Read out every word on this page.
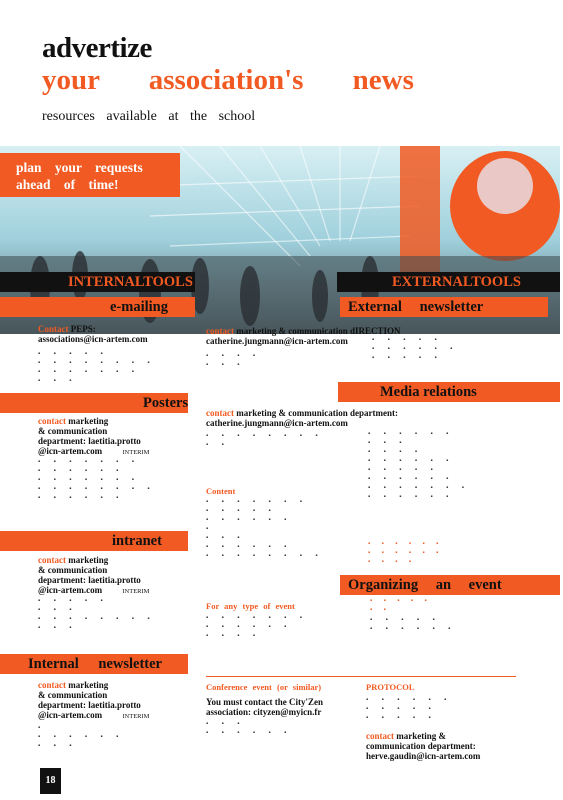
advertize
your association's news
resources available at the school
plan your requests
ahead of time!
INTERNALTOOLS	EXTERNALTOOLS
e-mailing
Contact PEPS:
associations@icn-artem.com
▪ ▪ ▪ ▪ ▪
▪ ▪ ▪ ▪ ▪ ▪ ▪ ▪
▪ ▪ ▪ ▪ ▪ ▪ ▪
▪ ▪ ▪
Posters
contact marketing
& communication
department: laetitia.protto
@icn-artem.com	INTERIM
▪ ▪ ▪ ▪ ▪ ▪ ▪
▪ ▪ ▪ ▪ ▪ ▪
▪ ▪ ▪ ▪ ▪ ▪ ▪
▪ ▪ ▪ ▪ ▪ ▪ ▪ ▪
▪ ▪ ▪ ▪ ▪ ▪
intranet
contact marketing
& communication
department: laetitia.protto
@icn-artem.com	INTERIM
▪ ▪ ▪ ▪ ▪
▪ ▪ ▪
▪ ▪ ▪ ▪ ▪ ▪ ▪ ▪
▪ ▪ ▪
Internal newsletter
contact marketing
& communication
department: laetitia.protto
@icn-artem.com	INTERIM
▪
▪ ▪ ▪ ▪ ▪ ▪
▪ ▪ ▪
contact marketing & communication dIRECTION
catherine.jungmann@icn-artem.com
▪ ▪ ▪ ▪
▪ ▪ ▪
contact marketing & communication department:
catherine.jungmann@icn-artem.com
▪ ▪ ▪ ▪ ▪ ▪ ▪ ▪
▪ ▪
Content
▪ ▪ ▪ ▪ ▪ ▪ ▪
▪ ▪ ▪ ▪ ▪
▪ ▪ ▪ ▪ ▪ ▪
▪
▪ ▪ ▪
▪ ▪ ▪ ▪ ▪ ▪
▪ ▪ ▪ ▪ ▪ ▪ ▪ ▪
For any type of event
▪ ▪ ▪ ▪ ▪ ▪ ▪
▪ ▪ ▪ ▪ ▪ ▪
▪ ▪ ▪ ▪
Conference event (or similar)
You must contact the City'Zen
association: cityzen@myicn.fr
▪ ▪ ▪
▪ ▪ ▪ ▪ ▪ ▪
External newsletter
▪ ▪ ▪ ▪ ▪
▪ ▪ ▪ ▪ ▪ ▪
▪ ▪ ▪ ▪ ▪
Media relations
▪ ▪ ▪ ▪ ▪ ▪
▪ ▪ ▪
▪ ▪ ▪ ▪
▪ ▪ ▪ ▪ ▪ ▪
▪ ▪ ▪ ▪ ▪
▪ ▪ ▪ ▪ ▪ ▪
▪ ▪ ▪ ▪ ▪ ▪ ▪
▪ ▪ ▪ ▪ ▪ ▪
▪ ▪ ▪ ▪ ▪ ▪
▪ ▪ ▪ ▪ ▪ ▪
▪ ▪ ▪ ▪
Organizing an event
▪ ▪ ▪ ▪ ▪
▪ ▪
▪ ▪ ▪ ▪ ▪
▪ ▪ ▪ ▪ ▪ ▪
PROTOCOL
▪ ▪ ▪ ▪ ▪ ▪
▪ ▪ ▪ ▪ ▪
▪ ▪ ▪ ▪ ▪
contact marketing &
communication department:
herve.gaudin@icn-artem.com
18
